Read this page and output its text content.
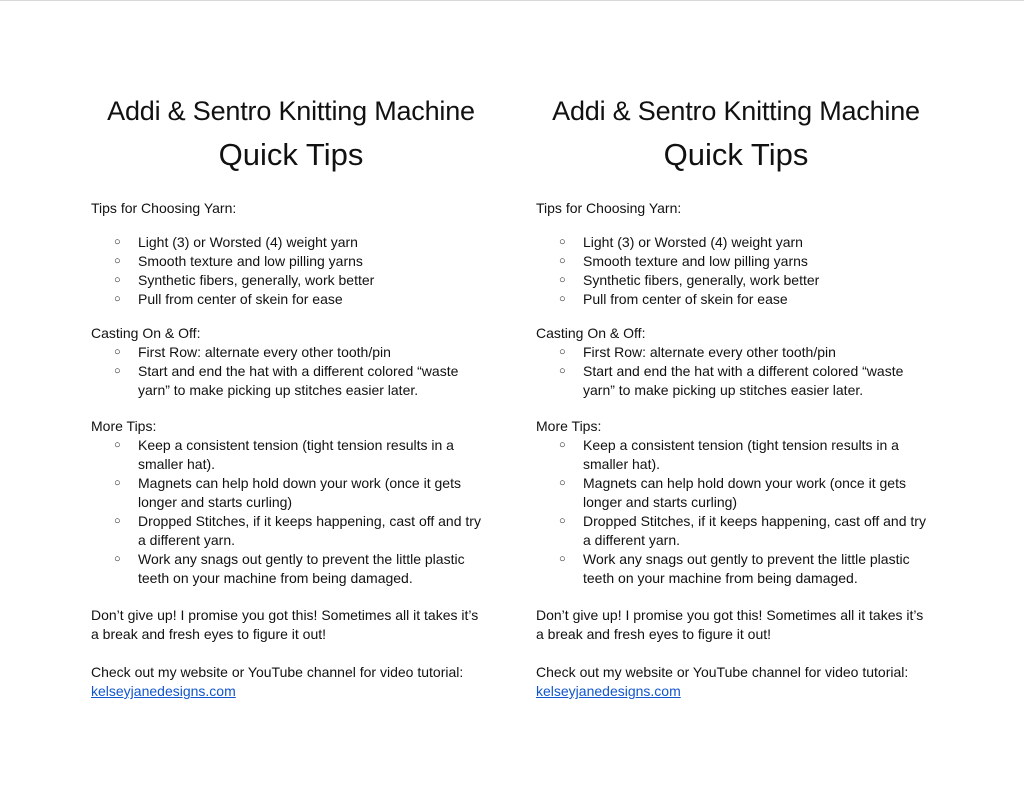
Addi & Sentro Knitting Machine
Quick Tips
Tips for Choosing Yarn:
○ Light (3) or Worsted (4) weight yarn
○ Smooth texture and low pilling yarns
○ Synthetic fibers, generally, work better
○ Pull from center of skein for ease
Casting On & Off:
○ First Row: alternate every other tooth/pin
○ Start and end the hat with a different colored “waste
yarn” to make picking up stitches easier later.
More Tips:
○ Keep a consistent tension (tight tension results in a
smaller hat).
○ Magnets can help hold down your work (once it gets
longer and starts curling)
○ Dropped Stitches, if it keeps happening, cast off and try
a different yarn.
○ Work any snags out gently to prevent the little plastic
teeth on your machine from being damaged.
Don’t give up! I promise you got this! Sometimes all it takes it’s
a break and fresh eyes to figure it out!
Check out my website or YouTube channel for video tutorial:
kelseyjanedesigns.com
Addi & Sentro Knitting Machine
Quick Tips
Tips for Choosing Yarn:
○ Light (3) or Worsted (4) weight yarn
○ Smooth texture and low pilling yarns
○ Synthetic fibers, generally, work better
○ Pull from center of skein for ease
Casting On & Off:
○ First Row: alternate every other tooth/pin
○ Start and end the hat with a different colored “waste
yarn” to make picking up stitches easier later.
More Tips:
○ Keep a consistent tension (tight tension results in a
smaller hat).
○ Magnets can help hold down your work (once it gets
longer and starts curling)
○ Dropped Stitches, if it keeps happening, cast off and try
a different yarn.
○ Work any snags out gently to prevent the little plastic
teeth on your machine from being damaged.
Don’t give up! I promise you got this! Sometimes all it takes it’s
a break and fresh eyes to figure it out!
Check out my website or YouTube channel for video tutorial:
kelseyjanedesigns.com
